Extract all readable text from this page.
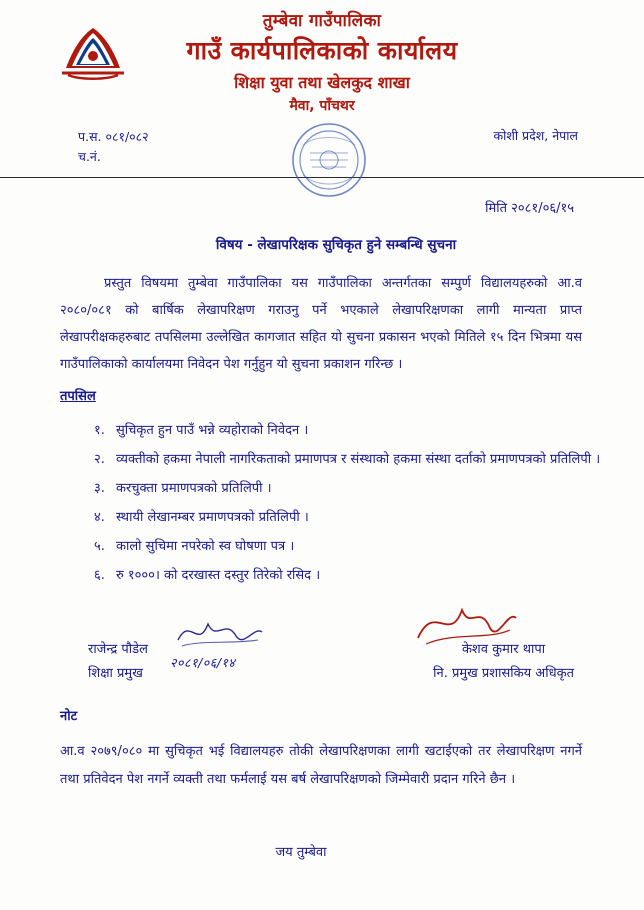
तुम्बेवा गाउँपालिका
गाउँ कार्यपालिकाको कार्यालय
शिक्षा युवा तथा खेलकुद शाखा
मैवा, पाँचथर
प.स. ०८१/०८२
च.नं.
कोशी प्रदेश, नेपाल
मिति २०८१/०६/१५
विषय - लेखापरिक्षक सुचिकृत हुने सम्बन्धि सुचना
प्रस्तुत विषयमा तुम्बेवा गाउँपालिका यस गाउँपालिका अन्तर्गतका सम्पुर्ण विद्यालयहरुको आ.व २०८०/०८१ को बार्षिक लेखापरिक्षण गराउनु पर्ने भएकाले लेखापरिक्षणका लागी मान्यता प्राप्त लेखापरीक्षकहरुबाट तपसिलमा उल्लेखित कागजात सहित यो सुचना प्रकासन भएको मितिले १५ दिन भित्रमा यस गाउँपालिकाको कार्यालयमा निवेदन पेश गर्नुहुन यो सुचना प्रकाशन गरिन्छ ।
तपसिल
१. सुचिकृत हुन पाउँ भन्ने व्यहोराको निवेदन ।
२. व्यक्तीको हकमा नेपाली नागरिकताको प्रमाणपत्र र संस्थाको हकमा संस्था दर्ताको प्रमाणपत्रको प्रतिलिपी ।
३. करचुक्ता प्रमाणपत्रको प्रतिलिपी ।
४. स्थायी लेखानम्बर प्रमाणपत्रको प्रतिलिपी ।
५. कालो सुचिमा नपरेको स्व घोषणा पत्र ।
६. रु १०००। को दरखास्त दस्तुर तिरेको रसिद ।
२०८१/०६/१४
राजेन्द्र पौडेल
शिक्षा प्रमुख
केशव कुमार थापा
नि. प्रमुख प्रशासकिय अधिकृत
नोट
आ.व २०७९/०८० मा सुचिकृत भई विद्यालयहरु तोकी लेखापरिक्षणका लागी खटाईएको तर लेखापरिक्षण नगर्ने तथा प्रतिवेदन पेश नगर्ने व्यक्ती तथा फर्मलाई यस बर्ष लेखापरिक्षणको जिम्मेवारी प्रदान गरिने छैन ।
जय तुम्बेवा
